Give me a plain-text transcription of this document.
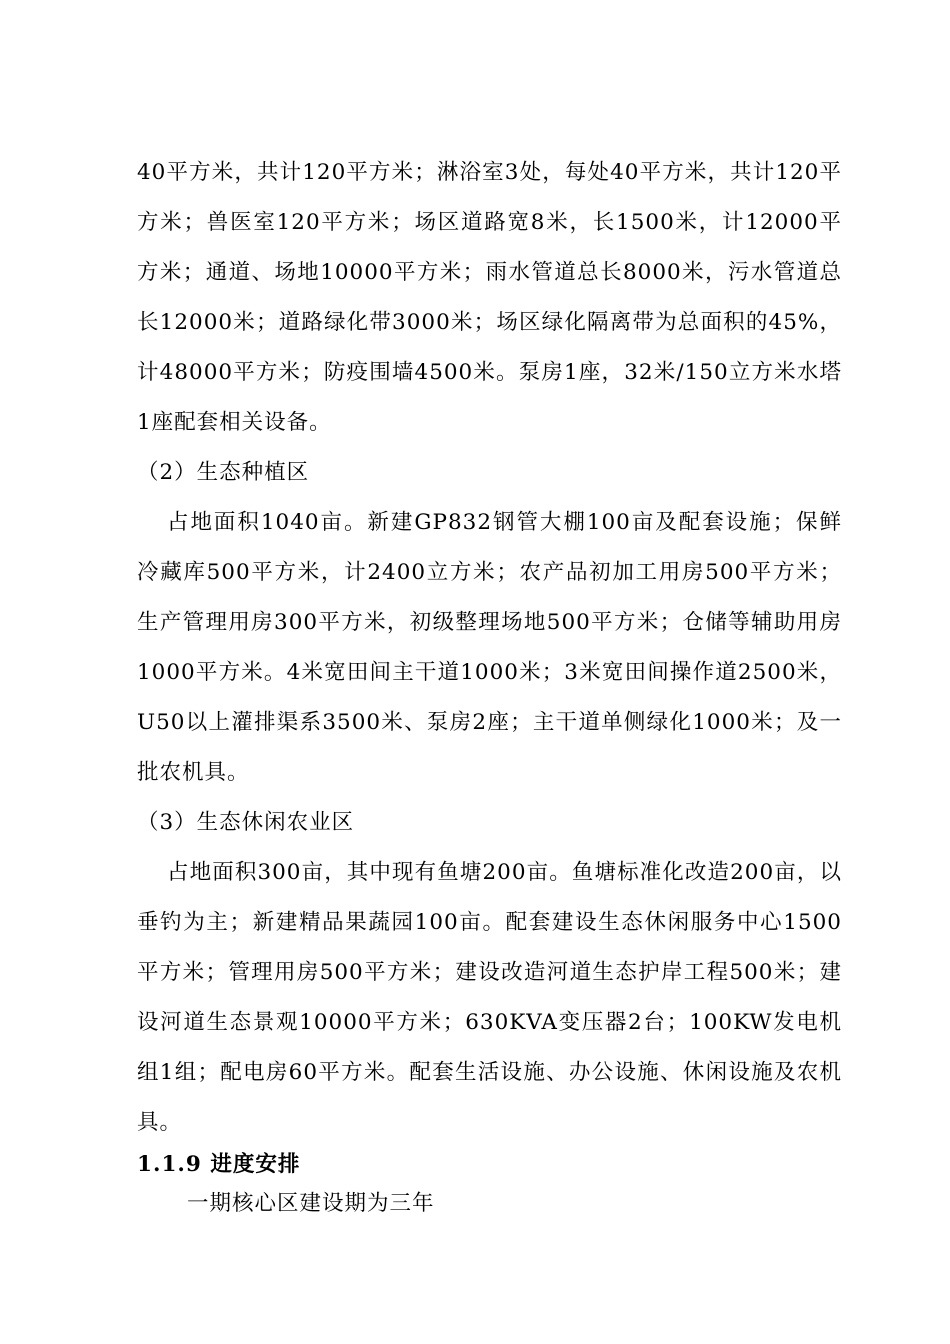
40平方米，共计120平方米；淋浴室3处，每处40平方米，共计120平方米；兽医室120平方米；场区道路宽8米，长1500米，计12000平方米；通道、场地10000平方米；雨水管道总长8000米，污水管道总长12000米；道路绿化带3000米；场区绿化隔离带为总面积的45%，计48000平方米；防疫围墙4500米。泵房1座，32米/150立方米水塔1座配套相关设备。

（2）生态种植区

占地面积1040亩。新建GP832钢管大棚100亩及配套设施；保鲜冷藏库500平方米，计2400立方米；农产品初加工用房500平方米；生产管理用房300平方米，初级整理场地500平方米；仓储等辅助用房1000平方米。4米宽田间主干道1000米；3米宽田间操作道2500米，U50以上灌排渠系3500米、泵房2座；主干道单侧绿化1000米；及一批农机具。

（3）生态休闲农业区

占地面积300亩，其中现有鱼塘200亩。鱼塘标准化改造200亩，以垂钓为主；新建精品果蔬园100亩。配套建设生态休闲服务中心1500平方米；管理用房500平方米；建设改造河道生态护岸工程500米；建设河道生态景观10000平方米；630KVA变压器2台；100KW发电机组1组；配电房60平方米。配套生活设施、办公设施、休闲设施及农机具。

1.1.9 进度安排

一期核心区建设期为三年
